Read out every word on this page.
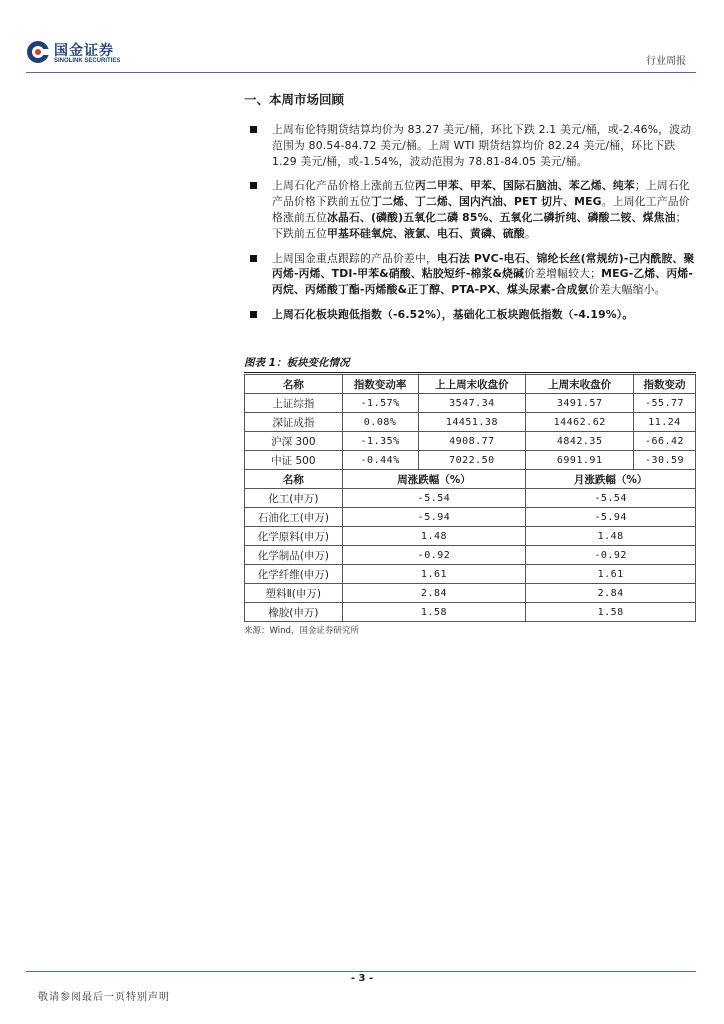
国金证券
SINOLINK SECURITIES	行业周报
一、本周市场回顾
上周布伦特期货结算均价为 83.27 美元/桶，环比下跌 2.1 美元/桶，或-2.46%，波动范围为 80.54-84.72 美元/桶。上周 WTI 期货结算均价 82.24 美元/桶，环比下跌 1.29 美元/桶，或-1.54%，波动范围为 78.81-84.05 美元/桶。
上周石化产品价格上涨前五位丙二甲苯、甲苯、国际石脑油、苯乙烯、纯苯；上周石化产品价格下跌前五位丁二烯、丁二烯、国内汽油、PET 切片、MEG。上周化工产品价格涨前五位冰晶石、(磷酸)五氧化二磷 85%、五氧化二磷折纯、磷酸二铵、煤焦油；下跌前五位甲基环硅氧烷、液氯、电石、黄磷、硫酸。
上周国金重点跟踪的产品价差中，电石法 PVC-电石、锦纶长丝(常规纺)-己内酰胺、聚丙烯-丙烯、TDI-甲苯&硝酸、粘胶短纤-棉浆&烧碱价差增幅较大；MEG-乙烯、丙烯-丙烷、丙烯酸丁酯-丙烯酸&正丁醇、PTA-PX、煤头尿素-合成氨价差大幅缩小。
上周石化板块跑低指数（-6.52%），基础化工板块跑低指数（-4.19%）。
图表 1：板块变化情况
名称	指数变动率	上上周末收盘价	上周末收盘价	指数变动
上证综指	-1.57%	3547.34	3491.57	-55.77
深证成指	0.08%	14451.38	14462.62	11.24
沪深 300	-1.35%	4908.77	4842.35	-66.42
中证 500	-0.44%	7022.50	6991.91	-30.59
名称	周涨跌幅（%）		月涨跌幅（%）	
化工(申万)	-5.54		-5.54	
石油化工(申万)	-5.94		-5.94	
化学原料(申万)	1.48		1.48	
化学制品(申万)	-0.92		-0.92	
化学纤维(申万)	1.61		1.61	
塑料Ⅱ(申万)	2.84		2.84	
橡胶(申万)	1.58		1.58	
来源：Wind，国金证券研究所
- 3 -
敬请参阅最后一页特别声明
